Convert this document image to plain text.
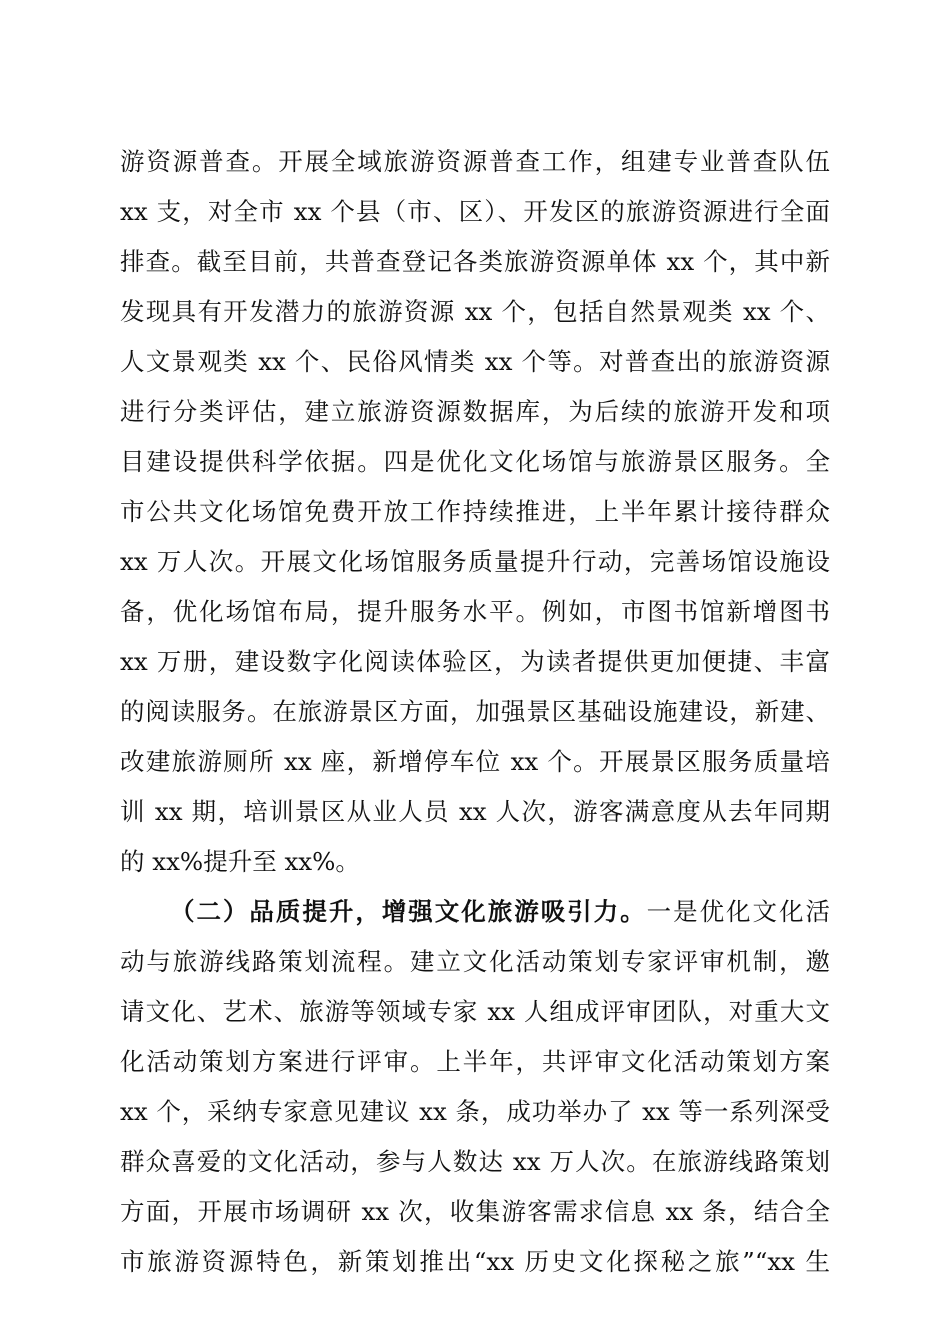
游资源普查。开展全域旅游资源普查工作，组建专业普查队伍
xx 支，对全市 xx 个县（市、区）、开发区的旅游资源进行全面
排查。截至目前，共普查登记各类旅游资源单体 xx 个，其中新
发现具有开发潜力的旅游资源 xx 个，包括自然景观类 xx 个、
人文景观类 xx 个、民俗风情类 xx 个等。对普查出的旅游资源
进行分类评估，建立旅游资源数据库，为后续的旅游开发和项
目建设提供科学依据。四是优化文化场馆与旅游景区服务。全
市公共文化场馆免费开放工作持续推进，上半年累计接待群众
xx 万人次。开展文化场馆服务质量提升行动，完善场馆设施设
备，优化场馆布局，提升服务水平。例如，市图书馆新增图书
xx 万册，建设数字化阅读体验区，为读者提供更加便捷、丰富
的阅读服务。在旅游景区方面，加强景区基础设施建设，新建、
改建旅游厕所 xx 座，新增停车位 xx 个。开展景区服务质量培
训 xx 期，培训景区从业人员 xx 人次，游客满意度从去年同期
的 xx%提升至 xx%。
（二）品质提升，增强文化旅游吸引力。一是优化文化活
动与旅游线路策划流程。建立文化活动策划专家评审机制，邀
请文化、艺术、旅游等领域专家 xx 人组成评审团队，对重大文
化活动策划方案进行评审。上半年，共评审文化活动策划方案
xx 个，采纳专家意见建议 xx 条，成功举办了 xx 等一系列深受
群众喜爱的文化活动，参与人数达 xx 万人次。在旅游线路策划
方面，开展市场调研 xx 次，收集游客需求信息 xx 条，结合全
市旅游资源特色，新策划推出“xx 历史文化探秘之旅”“xx 生
